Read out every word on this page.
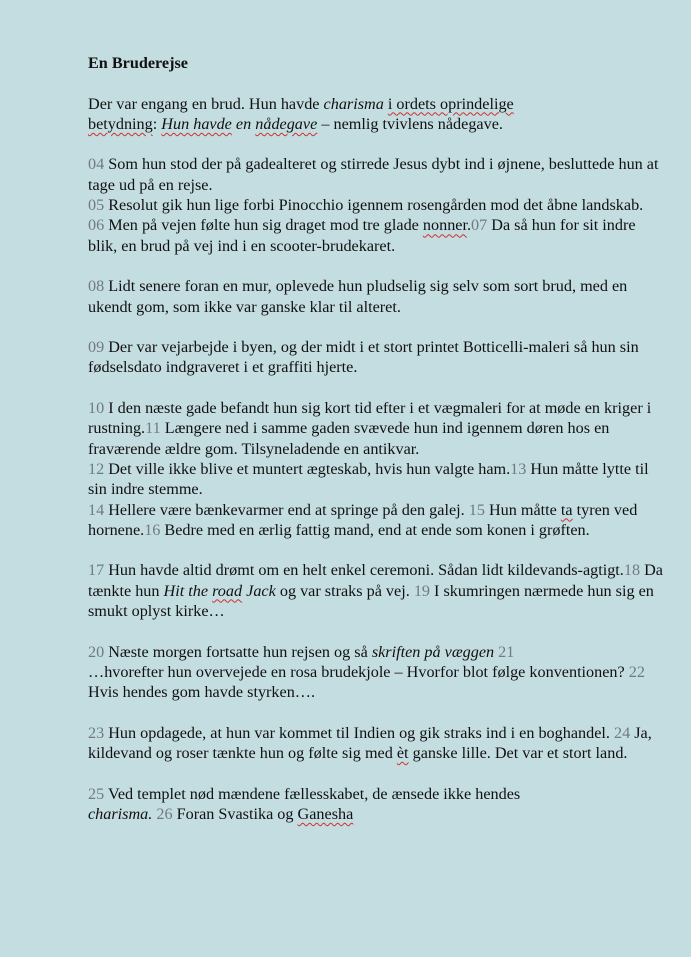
En Bruderejse

Der var engang en brud. Hun havde charisma i ordets oprindelige
betydning: Hun havde en nådegave – nemlig tvivlens nådegave.

04 Som hun stod der på gadealteret og stirrede Jesus dybt ind i øjnene, besluttede hun at tage ud på en rejse.
05 Resolut gik hun lige forbi Pinocchio igennem rosengården mod det åbne landskab. 06 Men på vejen følte hun sig draget mod tre glade nonner.07 Da så hun for sit indre blik, en brud på vej ind i en scooter-brudekaret.

08 Lidt senere foran en mur, oplevede hun pludselig sig selv som sort brud, med en ukendt gom, som ikke var ganske klar til alteret.

09 Der var vejarbejde i byen, og der midt i et stort printet Botticelli-maleri så hun sin fødselsdato indgraveret i et graffiti hjerte.

10 I den næste gade befandt hun sig kort tid efter i et vægmaleri for at møde en kriger i rustning.11 Længere ned i samme gaden svævede hun ind igennem døren hos en fraværende ældre gom. Tilsyneladende en antikvar.
12 Det ville ikke blive et muntert ægteskab, hvis hun valgte ham.13 Hun måtte lytte til sin indre stemme.
14 Hellere være bænkevarmer end at springe på den galej. 15 Hun måtte ta tyren ved hornene.16 Bedre med en ærlig fattig mand, end at ende som konen i grøften.

17 Hun havde altid drømt om en helt enkel ceremoni. Sådan lidt kildevands-agtigt.18 Da tænkte hun Hit the road Jack og var straks på vej. 19 I skumringen nærmede hun sig en smukt oplyst kirke…

20 Næste morgen fortsatte hun rejsen og så skriften på væggen 21
…hvorefter hun overvejede en rosa brudekjole – Hvorfor blot følge konventionen? 22 Hvis hendes gom havde styrken….

23 Hun opdagede, at hun var kommet til Indien og gik straks ind i en boghandel. 24 Ja, kildevand og roser tænkte hun og følte sig med èt ganske lille. Det var et stort land.

25 Ved templet nød mændene fællesskabet, de ænsede ikke hendes
charisma. 26 Foran Svastika og Ganesha
